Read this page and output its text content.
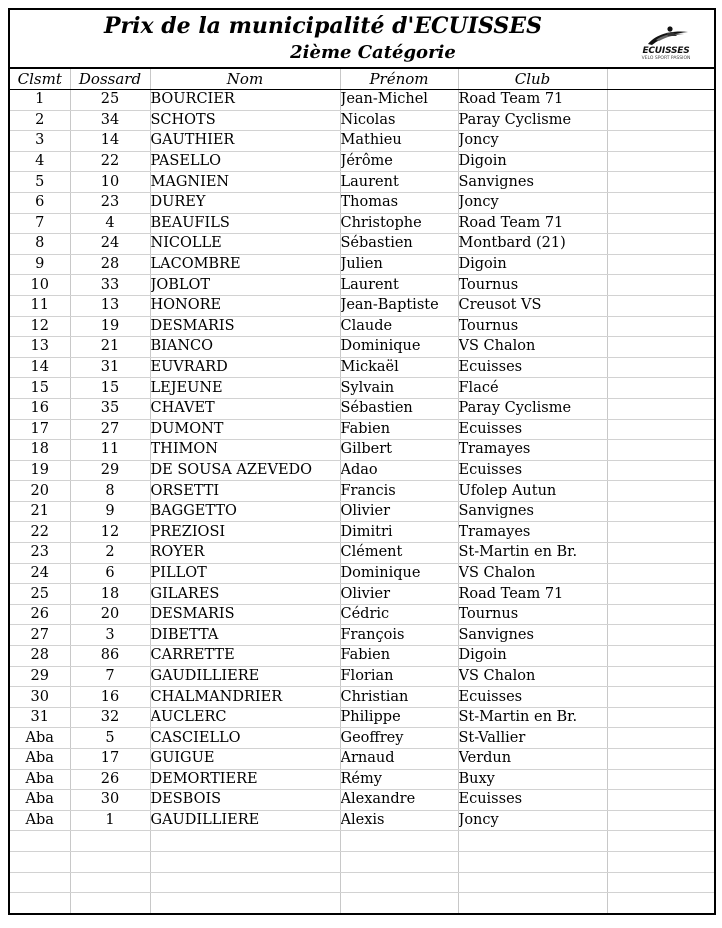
Prix de la municipalité d'ECUISSES
2ième Catégorie	ECUISSES
VELO SPORT PASSION
Clsmt	Dossard	Nom	Prénom	Club	
1	25	BOURCIER	Jean-Michel	Road Team 71	
2	34	SCHOTS	Nicolas	Paray Cyclisme	
3	14	GAUTHIER	Mathieu	Joncy	
4	22	PASELLO	Jérôme	Digoin	
5	10	MAGNIEN	Laurent	Sanvignes	
6	23	DUREY	Thomas	Joncy	
7	4	BEAUFILS	Christophe	Road Team 71	
8	24	NICOLLE	Sébastien	Montbard (21)	
9	28	LACOMBRE	Julien	Digoin	
10	33	JOBLOT	Laurent	Tournus	
11	13	HONORE	Jean-Baptiste	Creusot VS	
12	19	DESMARIS	Claude	Tournus	
13	21	BIANCO	Dominique	VS Chalon	
14	31	EUVRARD	Mickaël	Ecuisses	
15	15	LEJEUNE	Sylvain	Flacé	
16	35	CHAVET	Sébastien	Paray Cyclisme	
17	27	DUMONT	Fabien	Ecuisses	
18	11	THIMON	Gilbert	Tramayes	
19	29	DE SOUSA AZEVEDO	Adao	Ecuisses	
20	8	ORSETTI	Francis	Ufolep Autun	
21	9	BAGGETTO	Olivier	Sanvignes	
22	12	PREZIOSI	Dimitri	Tramayes	
23	2	ROYER	Clément	St-Martin en Br.	
24	6	PILLOT	Dominique	VS Chalon	
25	18	GILARES	Olivier	Road Team 71	
26	20	DESMARIS	Cédric	Tournus	
27	3	DIBETTA	François	Sanvignes	
28	86	CARRETTE	Fabien	Digoin	
29	7	GAUDILLIERE	Florian	VS Chalon	
30	16	CHALMANDRIER	Christian	Ecuisses	
31	32	AUCLERC	Philippe	St-Martin en Br.	
Aba	5	CASCIELLO	Geoffrey	St-Vallier	
Aba	17	GUIGUE	Arnaud	Verdun	
Aba	26	DEMORTIERE	Rémy	Buxy	
Aba	30	DESBOIS	Alexandre	Ecuisses	
Aba	1	GAUDILLIERE	Alexis	Joncy	
